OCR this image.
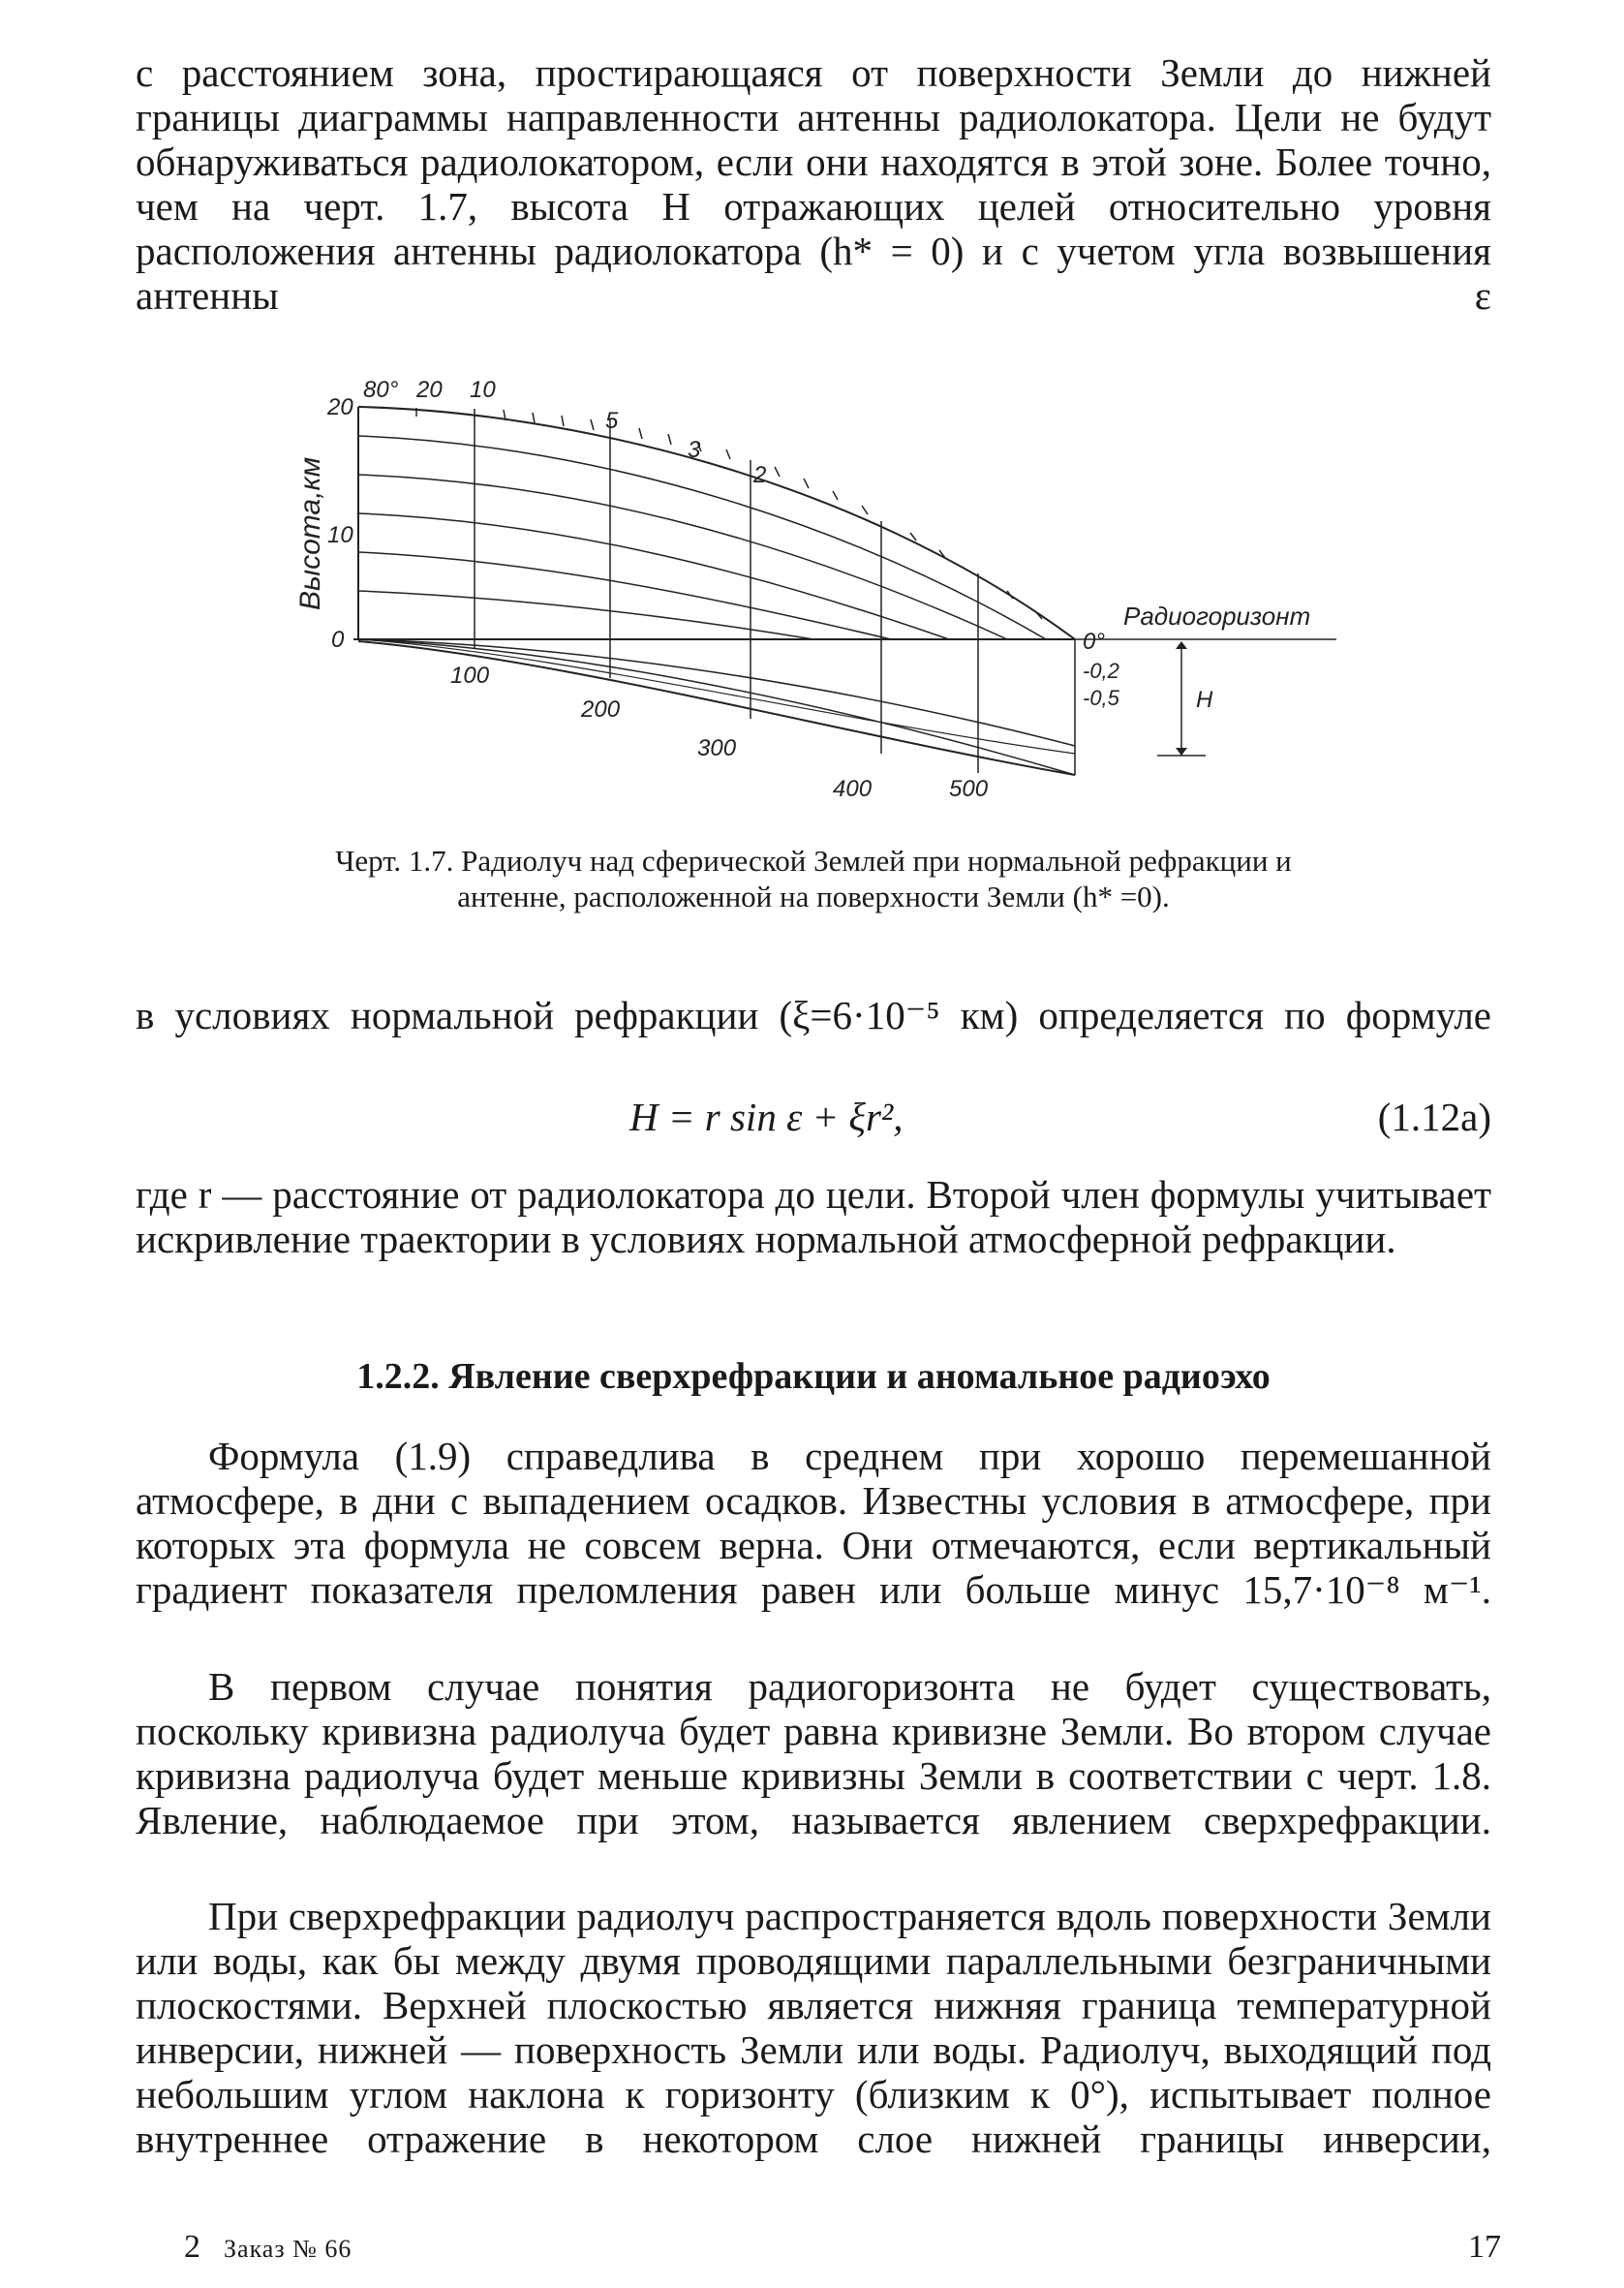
с расстоянием зона, простирающаяся от поверхности Земли до нижней границы диаграммы направленности антенны радиолокатора. Цели не будут обнаруживаться радиолокатором, если они находятся в этой зоне. Более точно, чем на черт. 1.7, высота H отражающих целей относительно уровня расположения антенны радиолокатора (h* = 0) и с учетом угла возвышения антенны ε

Высота,км
20
10
0
80° 20 10
5
3
2
0°
-0,2
-0,5
100
200
300
400	500
Радиогоризонт
H

Черт. 1.7. Радиолуч над сферической Землей при нормальной рефракции и антенне, расположенной на поверхности Земли (h* =0).

в условиях нормальной рефракции (ξ=6·10⁻⁵ км) определяется по формуле

H = r sin ε + ξr²,	(1.12а)

где r — расстояние от радиолокатора до цели. Второй член формулы учитывает искривление траектории в условиях нормальной атмосферной рефракции.

1.2.2. Явление сверхрефракции и аномальное радиоэхо

Формула (1.9) справедлива в среднем при хорошо перемешанной атмосфере, в дни с выпадением осадков. Известны условия в атмосфере, при которых эта формула не совсем верна. Они отмечаются, если вертикальный градиент показателя преломления равен или больше минус 15,7·10⁻⁸ м⁻¹.

В первом случае понятия радиогоризонта не будет существовать, поскольку кривизна радиолуча будет равна кривизне Земли. Во втором случае кривизна радиолуча будет меньше кривизны Земли в соответствии с черт. 1.8. Явление, наблюдаемое при этом, называется явлением сверхрефракции.

При сверхрефракции радиолуч распространяется вдоль поверхности Земли или воды, как бы между двумя проводящими параллельными безграничными плоскостями. Верхней плоскостью является нижняя граница температурной инверсии, нижней — поверхность Земли или воды. Радиолуч, выходящий под небольшим углом наклона к горизонту (близким к 0°), испытывает полное внутреннее отражение в некотором слое нижней границы инверсии,

2 Заказ № 66	17
